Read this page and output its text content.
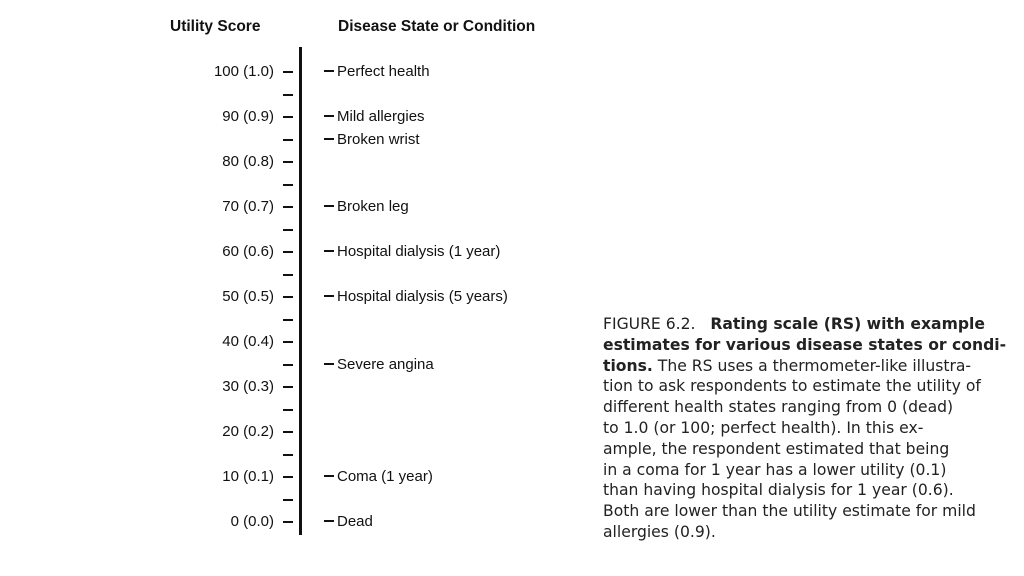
Utility Score	Disease State or Condition
100 (1.0)
90 (0.9)
80 (0.8)
70 (0.7)
60 (0.6)
50 (0.5)
40 (0.4)
30 (0.3)
20 (0.2)
10 (0.1)
0 (0.0)
Perfect health
Mild allergies
Broken wrist
Broken leg
Hospital dialysis (1 year)
Hospital dialysis (5 years)
Severe angina
Coma (1 year)
Dead
FIGURE 6.2. Rating scale (RS) with example
estimates for various disease states or condi-
tions. The RS uses a thermometer-like illustra-
tion to ask respondents to estimate the utility of
different health states ranging from 0 (dead)
to 1.0 (or 100; perfect health). In this ex-
ample, the respondent estimated that being
in a coma for 1 year has a lower utility (0.1)
than having hospital dialysis for 1 year (0.6).
Both are lower than the utility estimate for mild
allergies (0.9).
